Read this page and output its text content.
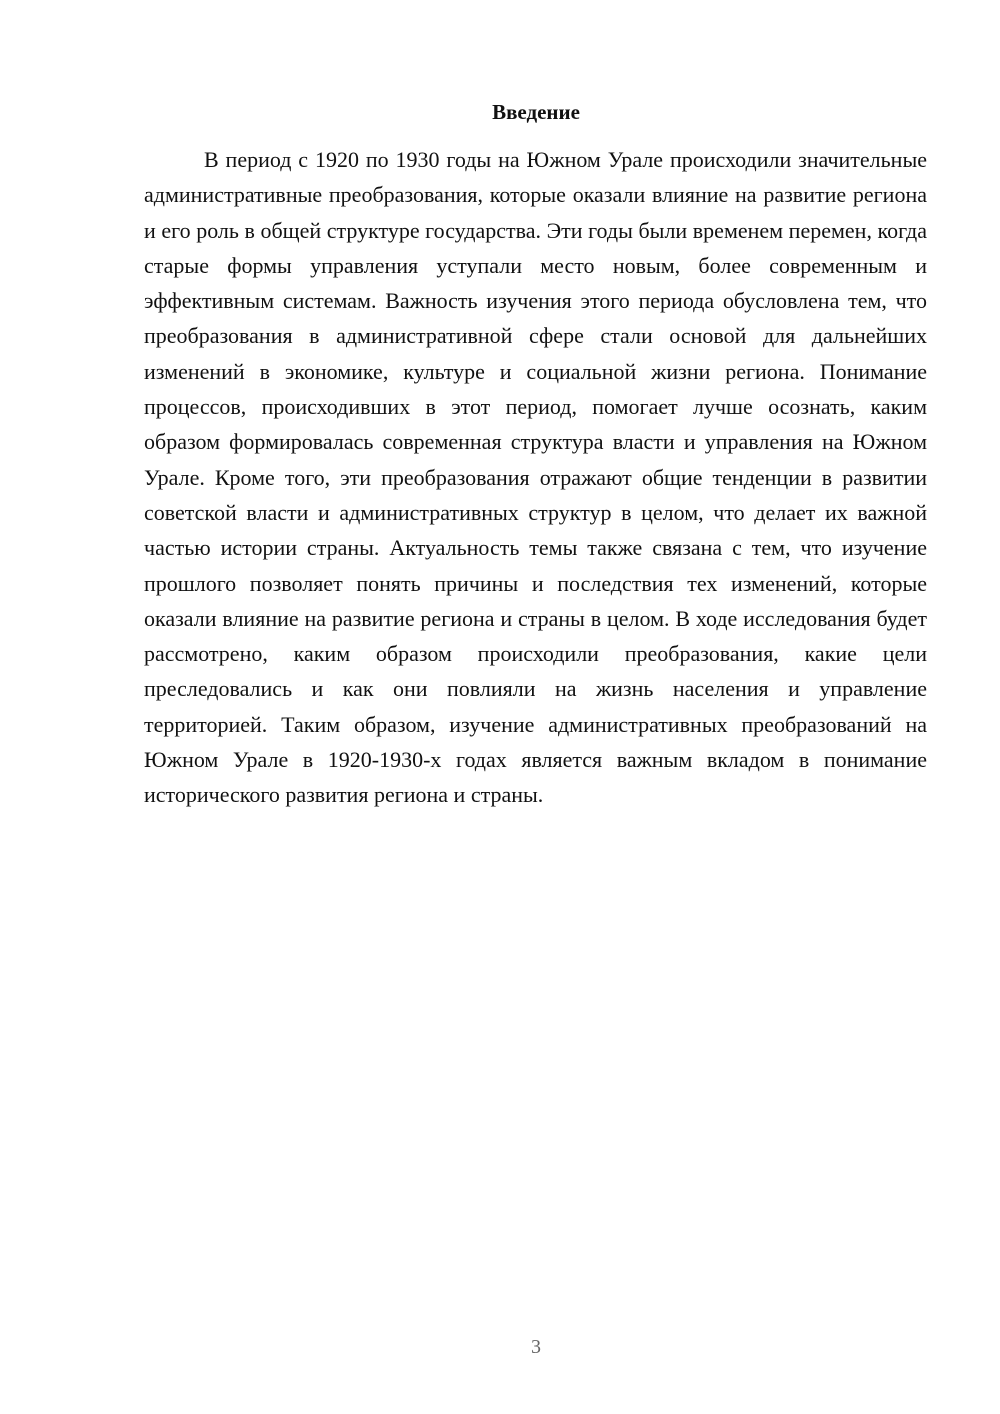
Введение

В период с 1920 по 1930 годы на Южном Урале происходили значительные административные преобразования, которые оказали влияние на развитие региона и его роль в общей структуре государства. Эти годы были временем перемен, когда старые формы управления уступали место новым, более современным и эффективным системам. Важность изучения этого периода обусловлена тем, что преобразования в административной сфере стали основой для дальнейших изменений в экономике, культуре и социальной жизни региона. Понимание процессов, происходивших в этот период, помогает лучше осознать, каким образом формировалась современная структура власти и управления на Южном Урале. Кроме того, эти преобразования отражают общие тенденции в развитии советской власти и административных структур в целом, что делает их важной частью истории страны. Актуальность темы также связана с тем, что изучение прошлого позволяет понять причины и последствия тех изменений, которые оказали влияние на развитие региона и страны в целом. В ходе исследования будет рассмотрено, каким образом происходили преобразования, какие цели преследовались и как они повлияли на жизнь населения и управление территорией. Таким образом, изучение административных преобразований на Южном Урале в 1920-1930-х годах является важным вкладом в понимание исторического развития региона и страны.

3
